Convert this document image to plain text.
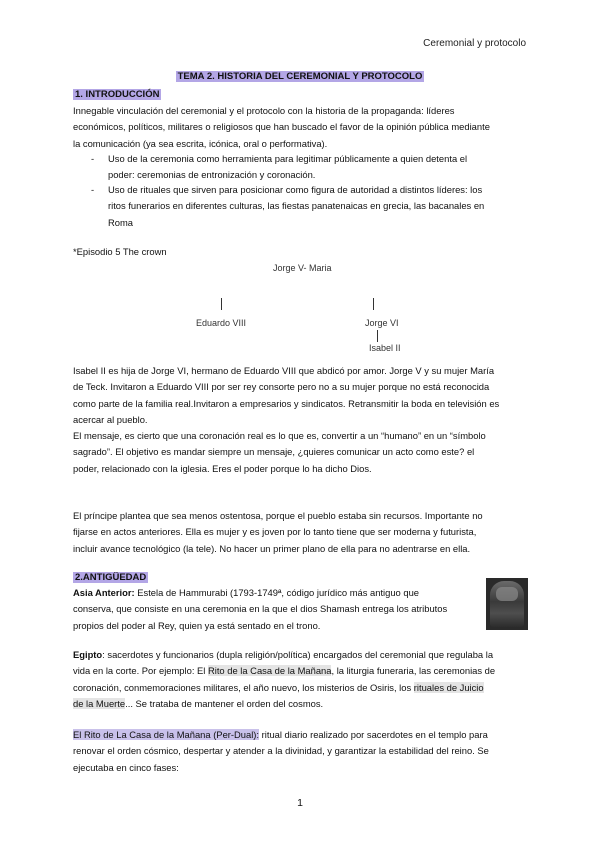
Ceremonial y protocolo
TEMA 2. HISTORIA DEL CEREMONIAL Y PROTOCOLO
1. INTRODUCCIÓN
Innegable vinculación del ceremonial y el protocolo con la historia de la propaganda: líderes
económicos, políticos, militares o religiosos que han buscado el favor de la opinión pública mediante
la comunicación (ya sea escrita, icónica, oral o performativa).
- Uso de la ceremonia como herramienta para legitimar públicamente a quien detenta el
poder: ceremonias de entronización y coronación.
- Uso de rituales que sirven para posicionar como figura de autoridad a distintos líderes: los
ritos funerarios en diferentes culturas, las fiestas panatenaicas en grecia, las bacanales en
Roma
*Episodio 5 The crown
Jorge V- Maria
Eduardo VIII	Jorge VI
Isabel II
Isabel II es hija de Jorge VI, hermano de Eduardo VIII que abdicó por amor. Jorge V y su mujer María
de Teck. Invitaron a Eduardo VIII por ser rey consorte pero no a su mujer porque no está reconocida
como parte de la familia real.Invitaron a empresarios y sindicatos. Retransmitir la boda en televisión es
acercar al pueblo.
El mensaje, es cierto que una coronación real es lo que es, convertir a un “humano” en un “símbolo
sagrado”. El objetivo es mandar siempre un mensaje, ¿quieres comunicar un acto como este? el
poder, relacionado con la iglesia. Eres el poder porque lo ha dicho Dios.
El príncipe plantea que sea menos ostentosa, porque el pueblo estaba sin recursos. Importante no
fijarse en actos anteriores. Ella es mujer y es joven por lo tanto tiene que ser moderna y futurista,
incluir avance tecnológico (la tele). No hacer un primer plano de ella para no adentrarse en ella.
2.ANTIGÜEDAD
Asia Anterior: Estela de Hammurabi (1793-1749ª, código jurídico más antiguo que
conserva, que consiste en una ceremonia en la que el dios Shamash entrega los atributos
propios del poder al Rey, quien ya está sentado en el trono.
Egipto: sacerdotes y funcionarios (dupla religión/política) encargados del ceremonial que regulaba la
vida en la corte. Por ejemplo: El Rito de la Casa de la Mañana, la liturgia funeraria, las ceremonias de
coronación, conmemoraciones militares, el año nuevo, los misterios de Osiris, los rituales de Juicio
de la Muerte... Se trataba de mantener el orden del cosmos.
El Rito de La Casa de la Mañana (Per-Dual): ritual diario realizado por sacerdotes en el templo para
renovar el orden cósmico, despertar y atender a la divinidad, y garantizar la estabilidad del reino. Se
ejecutaba en cinco fases:
1
